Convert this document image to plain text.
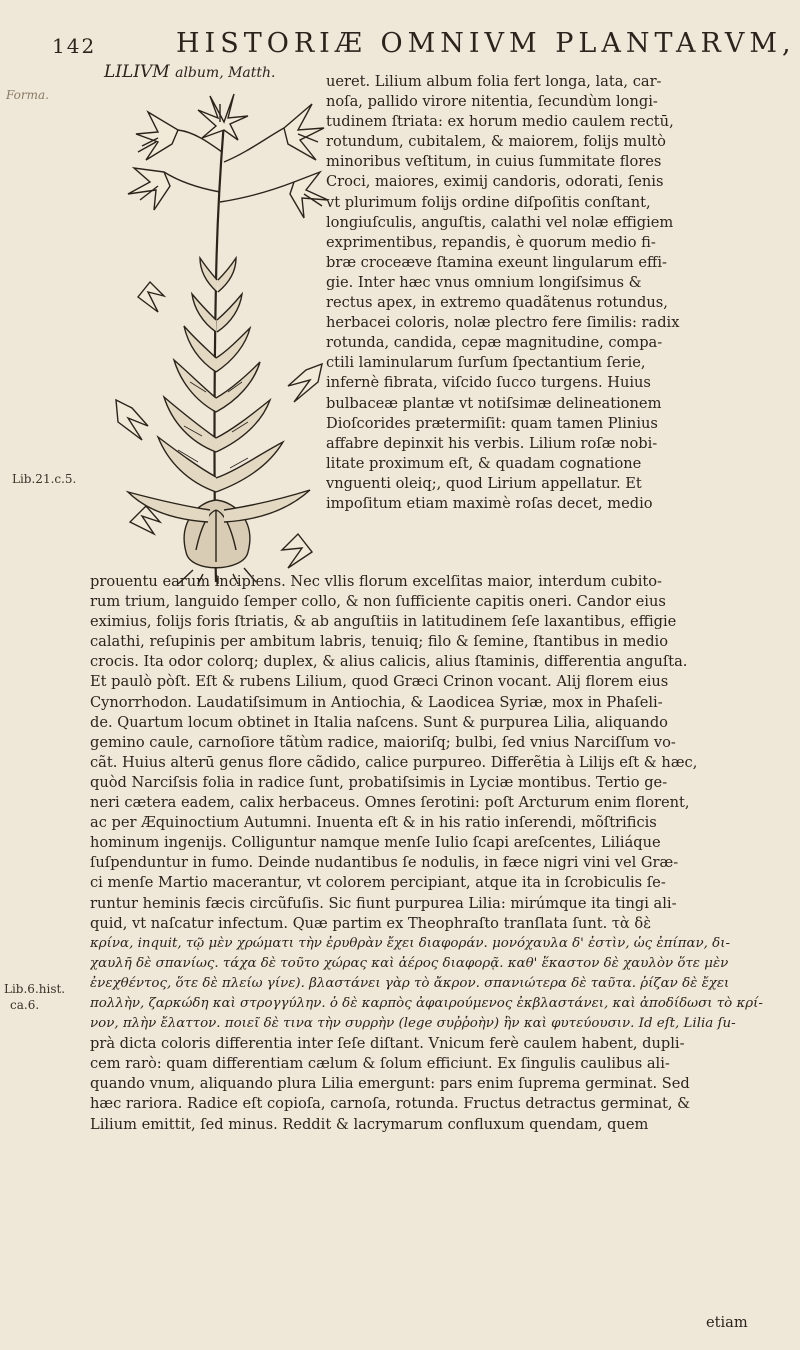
142	HISTORIÆ OMNIVM PLANTARVM,
LILIVM album, Matth.
Forma.
Lib.21.c.5.
Lib.6.hist.
ca.6.
ueret. Lilium album folia fert longa, lata, car-
noſa, pallido virore nitentia, ſecundùm longi-
tudinem ſtriata: ex horum medio caulem rectū,
rotundum, cubitalem, & maiorem, folijs multò
minoribus veſtitum, in cuius ſummitate flores
Croci, maiores, eximij candoris, odorati, ſenis
vt plurimum folijs ordine diſpoſitis conſtant,
longiuſculis, anguſtis, calathi vel nolæ effigiem
exprimentibus, repandis, è quorum medio fi-
bræ croceæve ſtamina exeunt lingularum effi-
gie. Inter hæc vnus omnium longiſsimus &
rectus apex, in extremo quadãtenus rotundus,
herbacei coloris, nolæ plectro fere ſimilis: radix
rotunda, candida, cepæ magnitudine, compa-
ctili laminularum ſurſum ſpectantium ſerie,
infernè fibrata, viſcido ſucco turgens. Huius
bulbaceæ plantæ vt notiſsimæ delineationem
Dioſcorides prætermiſit: quam tamen Plinius
affabre depinxit his verbis. Lilium roſæ nobi-
litate proximum eſt, & quadam cognatione
vnguenti oleiq;, quod Lirium appellatur. Et
impoſitum etiam maximè roſas decet, medio
prouentu earum incipiens. Nec vllis florum excelſitas maior, interdum cubito-
rum trium, languido ſemper collo, & non ſufficiente capitis oneri. Candor eius
eximius, folijs foris ſtriatis, & ab anguſtiis in latitudinem ſeſe laxantibus, effigie
calathi, reſupinis per ambitum labris, tenuiq; filo & ſemine, ſtantibus in medio
crocis. Ita odor colorq; duplex, & alius calicis, alius ſtaminis, differentia anguſta.
Et paulò pòſt. Eſt & rubens Lilium, quod Græci Crinon vocant. Alij florem eius
Cynorrhodon. Laudatiſsimum in Antiochia, & Laodicea Syriæ, mox in Phaſeli-
de. Quartum locum obtinet in Italia naſcens. Sunt & purpurea Lilia, aliquando
gemino caule, carnoſiore tãtùm radice, maioriſq; bulbi, ſed vnius Narciſſum vo-
cãt. Huius alterū genus flore cãdido, calice purpureo. Differẽtia à Lilijs eſt & hæc,
quòd Narciſsis folia in radice ſunt, probatiſsimis in Lyciæ montibus. Tertio ge-
neri cætera eadem, calix herbaceus. Omnes ſerotini: poſt Arcturum enim florent,
ac per Æquinoctium Autumni. Inuenta eſt & in his ratio inſerendi, mõſtrificis
hominum ingenijs. Colliguntur namque menſe Iulio ſcapi areſcentes, Liliáque
ſuſpenduntur in fumo. Deinde nudantibus ſe nodulis, in fæce nigri vini vel Græ-
ci menſe Martio macerantur, vt colorem percipiant, atque ita in ſcrobiculis ſe-
runtur heminis fæcis circũfuſis. Sic fiunt purpurea Lilia: mirúmque ita tingi ali-
quid, vt naſcatur infectum. Quæ partim ex Theophraſto tranſlata ſunt. τὰ δὲ
κρίνα, inquit, τῷ μὲν χρώματι τὴν ἐρυθρὰν ἔχει διαφοράν. μονόχαυλα δ' ἐστὶν, ὡς ἐπίπαν, δι-
χαυλῆ δὲ σπανίως. τάχα δὲ τοῦτο χώρας καὶ ἀέρος διαφορᾷ. καθ' ἕκαστον δὲ χαυλὸν ὅτε μὲν
ἐνεχθέντος, ὅτε δὲ πλείω γίνε). βλαστάνει γὰρ τὸ ἄκρον. σπανιώτερα δὲ ταῦτα. ῥίζαν δὲ ἔχει
πολλὴν, ζαρκώδη καὶ στρογγύλην. ὁ δὲ καρπὸς ἀφαιρούμενος ἐκβλαστάνει, καὶ ἀποδίδωσι τὸ κρί-
νον, πλὴν ἔλαττον. ποιεῖ δὲ τινα τὴν συρρὴν (lege συῤῥοὴν) ἣν καὶ φυτεύουσιν. Id eſt, Lilia ſu-
prà dicta coloris differentia inter ſeſe diſtant. Vnicum ferè caulem habent, dupli-
cem rarò: quam differentiam cælum & ſolum efficiunt. Ex ſingulis caulibus ali-
quando vnum, aliquando plura Lilia emergunt: pars enim ſuprema germinat. Sed
hæc rariora. Radice eſt copioſa, carnoſa, rotunda. Fructus detractus germinat, &
Lilium emittit, ſed minus. Reddit & lacrymarum confluxum quendam, quem
etiam
